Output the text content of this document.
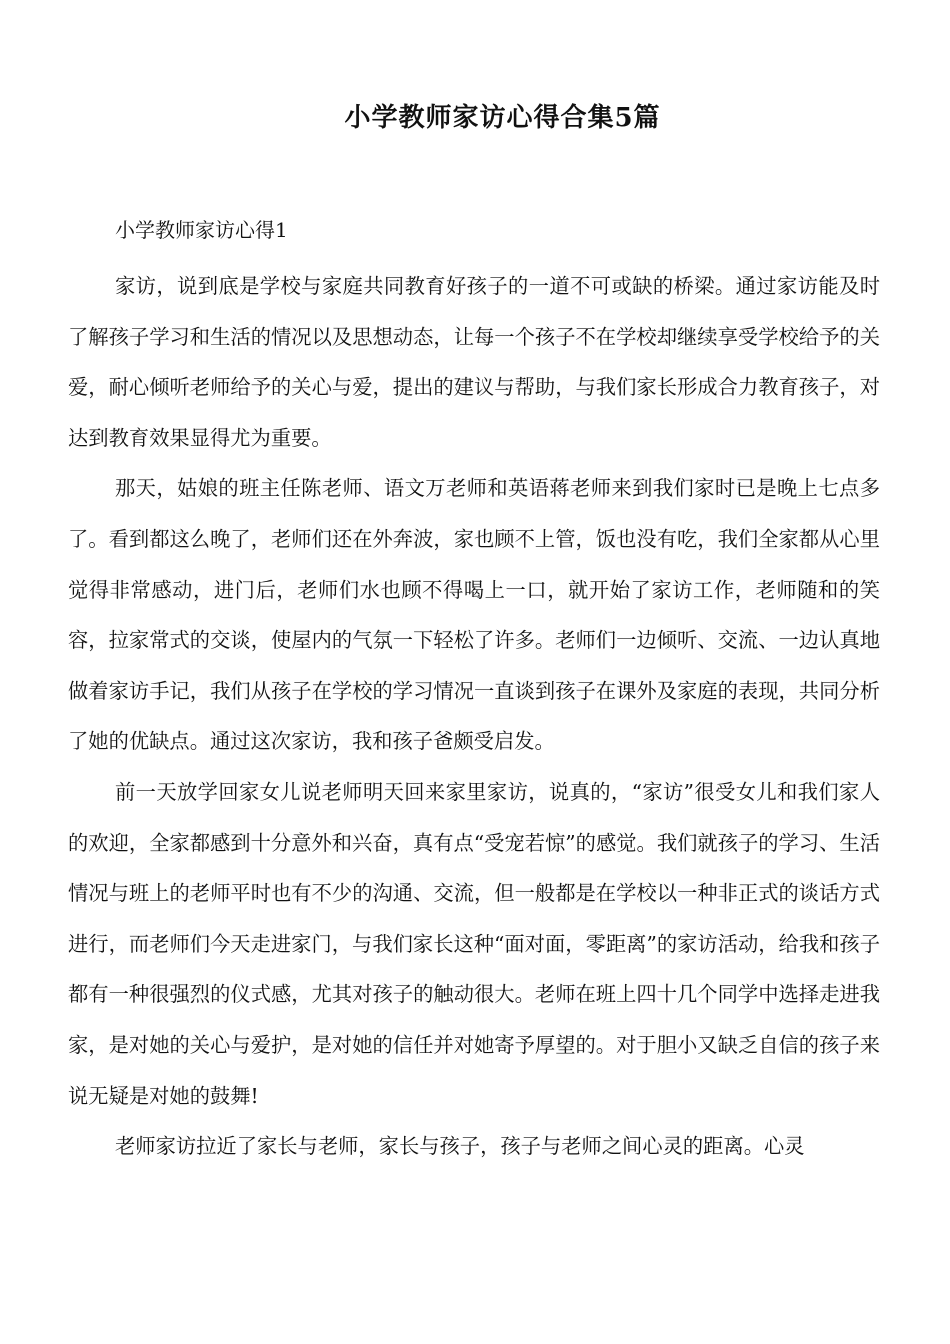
小学教师家访心得合集5篇
小学教师家访心得1

家访，说到底是学校与家庭共同教育好孩子的一道不可或缺的桥梁。通过家访能及时了解孩子学习和生活的情况以及思想动态，让每一个孩子不在学校却继续享受学校给予的关爱，耐心倾听老师给予的关心与爱，提出的建议与帮助，与我们家长形成合力教育孩子，对达到教育效果显得尤为重要。

那天，姑娘的班主任陈老师、语文万老师和英语蒋老师来到我们家时已是晚上七点多了。看到都这么晚了，老师们还在外奔波，家也顾不上管，饭也没有吃，我们全家都从心里觉得非常感动，进门后，老师们水也顾不得喝上一口，就开始了家访工作，老师随和的笑容，拉家常式的交谈，使屋内的气氛一下轻松了许多。老师们一边倾听、交流、一边认真地做着家访手记，我们从孩子在学校的学习情况一直谈到孩子在课外及家庭的表现，共同分析了她的优缺点。通过这次家访，我和孩子爸颇受启发。

前一天放学回家女儿说老师明天回来家里家访，说真的，“家访”很受女儿和我们家人的欢迎，全家都感到十分意外和兴奋，真有点“受宠若惊”的感觉。我们就孩子的学习、生活情况与班上的老师平时也有不少的沟通、交流，但一般都是在学校以一种非正式的谈话方式进行，而老师们今天走进家门，与我们家长这种“面对面，零距离”的家访活动，给我和孩子都有一种很强烈的仪式感，尤其对孩子的触动很大。老师在班上四十几个同学中选择走进我家，是对她的关心与爱护，是对她的信任并对她寄予厚望的。对于胆小又缺乏自信的孩子来说无疑是对她的鼓舞!

老师家访拉近了家长与老师，家长与孩子，孩子与老师之间心灵的距离。心灵
